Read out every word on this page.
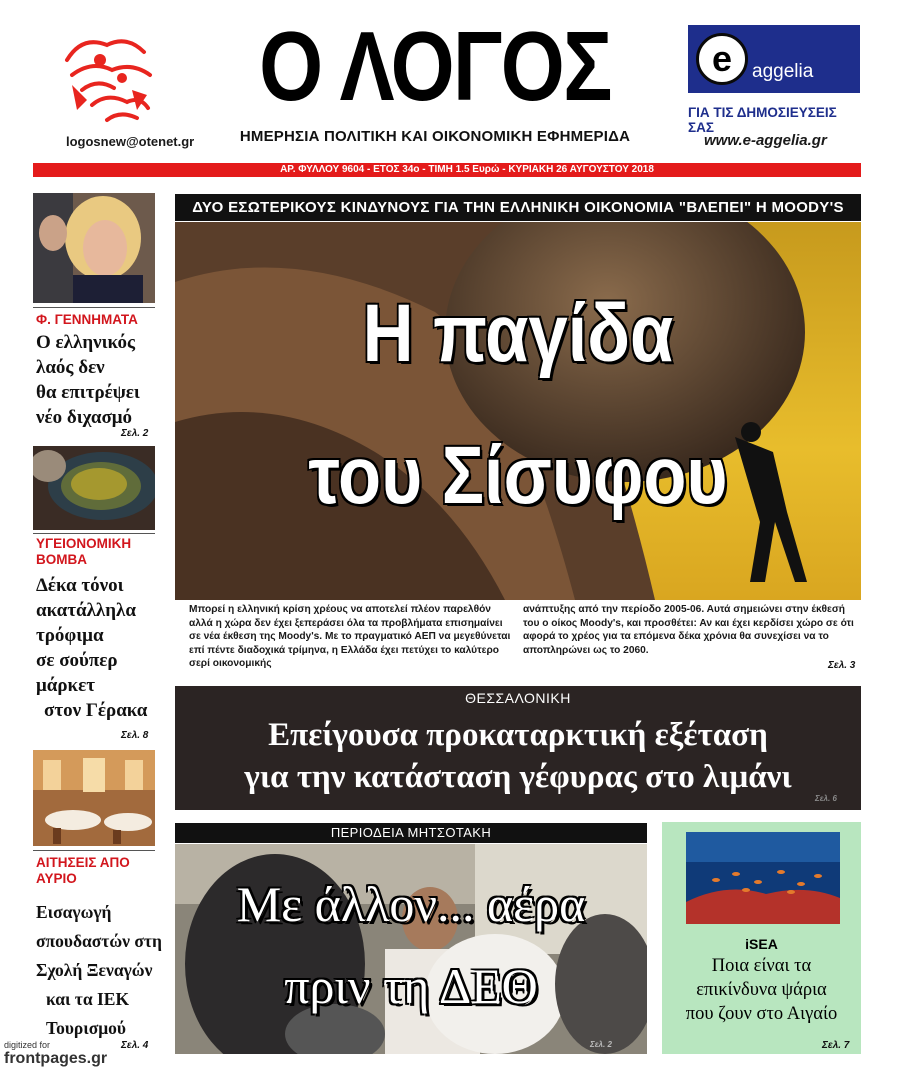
logosnew@otenet.gr
Ο ΛΟΓΟΣ
ΗΜΕΡΗΣΙΑ ΠΟΛΙΤΙΚΗ ΚΑΙ ΟΙΚΟΝΟΜΙΚΗ ΕΦΗΜΕΡΙΔΑ
e	aggelia
ΓΙΑ ΤΙΣ ΔΗΜΟΣΙΕΥΣΕΙΣ ΣΑΣ
www.e-aggelia.gr
ΑΡ. ΦΥΛΛΟΥ 9604 - ΕΤΟΣ 34ο - ΤΙΜΗ 1.5 Ευρώ - ΚΥΡΙΑΚΗ 26 ΑΥΓΟΥΣΤΟΥ 2018
Φ. ΓΕΝΝΗΜΑΤΑ
Ο ελληνικός
λαός δεν
θα επιτρέψει
νέο διχασμό
Σελ. 2
ΥΓΕΙΟΝΟΜΙΚΗ ΒΟΜΒΑ
Δέκα τόνοι
ακατάλληλα
τρόφιμα
σε σούπερ
μάρκετ
στον Γέρακα
Σελ. 8
ΑΙΤΗΣΕΙΣ ΑΠΟ ΑΥΡΙΟ
Εισαγωγή
σπουδαστών στη
Σχολή Ξεναγών
και τα ΙΕΚ
Τουρισμού
Σελ. 4
ΔΥΟ ΕΣΩΤΕΡΙΚΟΥΣ ΚΙΝΔΥΝΟΥΣ ΓΙΑ ΤΗΝ ΕΛΛΗΝΙΚΗ ΟΙΚΟΝΟΜΙΑ "ΒΛΕΠΕΙ" Η MOODY'S
Η παγίδα
του Σίσυφου
Μπορεί η ελληνική κρίση χρέους να αποτελεί πλέον παρελθόν αλλά η χώρα δεν έχει ξεπεράσει όλα τα προβλήματα επισημαίνει σε νέα έκθεση της Moody's. Με το πραγματικό ΑΕΠ να μεγεθύνεται επί πέντε διαδοχικά τρίμηνα, η Ελλάδα έχει πετύχει το καλύτερο σερί οικονομικής
ανάπτυξης από την περίοδο 2005-06. Αυτά σημειώνει στην έκθεσή του ο οίκος Moody's, και προσθέτει: Αν και έχει κερδίσει χώρο σε ότι αφορά το χρέος για τα επόμενα δέκα χρόνια θα συνεχίσει να το αποπληρώνει ως το 2060.
Σελ. 3
ΘΕΣΣΑΛΟΝΙΚΗ
Επείγουσα προκαταρκτική εξέταση
για την κατάσταση γέφυρας στο λιμάνι
Σελ. 6
ΠΕΡΙΟΔΕΙΑ ΜΗΤΣΟΤΑΚΗ
Με άλλον... αέρα
πριν τη ΔΕΘ
Σελ. 2
iSEA
Ποια είναι τα
επικίνδυνα ψάρια
που ζουν στο Αιγαίο
Σελ. 7
digitized for
frontpages.gr
